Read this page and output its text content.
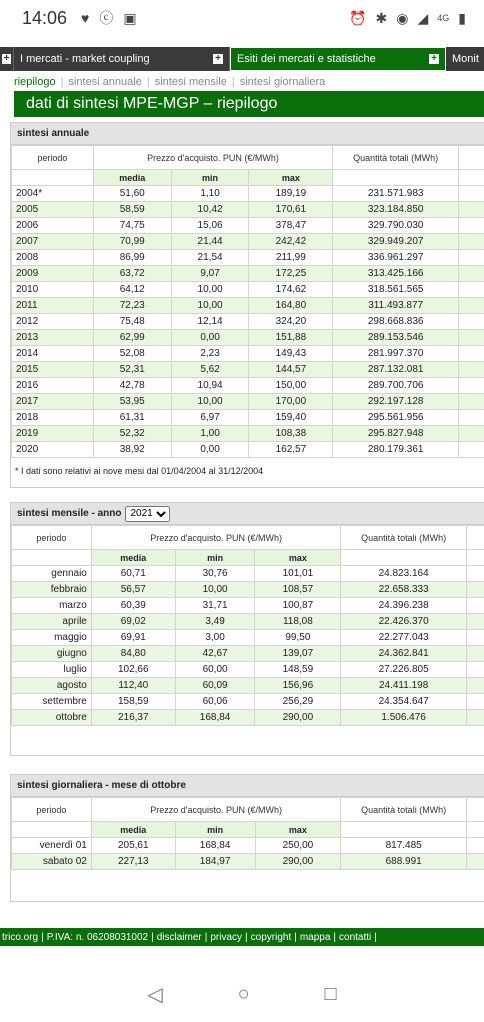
14:06 ♥ ⓒ ▣	⏰ ✱ ◉ ◢ 4G ▮
+ I mercati - market coupling	+ Esiti dei mercati e statistiche	+ Monit
riepilogo | sintesi annuale | sintesi mensile | sintesi giornaliera
dati di sintesi MPE-MGP – riepilogo
sintesi annuale
periodo	Prezzo d'acquisto. PUN (€/MWh)			Quantità totali (MWh)	
	media	min	max		
2004*	51,60	1,10	189,19	231.571.983	
2005	58,59	10,42	170,61	323.184.850	
2006	74,75	15,06	378,47	329.790.030	
2007	70,99	21,44	242,42	329.949.207	
2008	86,99	21,54	211,99	336.961.297	
2009	63,72	9,07	172,25	313.425.166	
2010	64,12	10,00	174,62	318.561.565	
2011	72,23	10,00	164,80	311.493.877	
2012	75,48	12,14	324,20	298.668.836	
2013	62,99	0,00	151,88	289.153.546	
2014	52,08	2,23	149,43	281.997.370	
2015	52,31	5,62	144,57	287.132.081	
2016	42,78	10,94	150,00	289.700.706	
2017	53,95	10,00	170,00	292.197.128	
2018	61,31	6,97	159,40	295.561.956	
2019	52,32	1,00	108,38	295.827.948	
2020	38,92	0,00	162,57	280.179.361	
* I dati sono relativi ai nove mesi dal 01/04/2004 al 31/12/2004
sintesi mensile - anno
2021
periodo	Prezzo d'acquisto. PUN (€/MWh)			Quantità totali (MWh)	
	media	min	max		
gennaio	60,71	30,76	101,01	24.823.164	
febbraio	56,57	10,00	108,57	22.658.333	
marzo	60,39	31,71	100,87	24.396.238	
aprile	69,02	3,49	118,08	22.426.370	
maggio	69,91	3,00	99,50	22.277.043	
giugno	84,80	42,67	139,07	24.362.841	
luglio	102,66	60,00	148,59	27.226.805	
agosto	112,40	60,09	156,96	24.411.198	
settembre	158,59	60,06	256,29	24.354.647	
ottobre	216,37	168,84	290,00	1.506.476	
sintesi giornaliera - mese di ottobre
periodo	Prezzo d'acquisto. PUN (€/MWh)			Quantità totali (MWh)	
	media	min	max		
venerdì 01	205,61	168,84	250,00	817.485	
sabato 02	227,13	184,97	290,00	688.991	
trico.org | P.IVA: n. 06208031002 | disclaimer | privacy | copyright | mappa | contatti |
◁	○	□
